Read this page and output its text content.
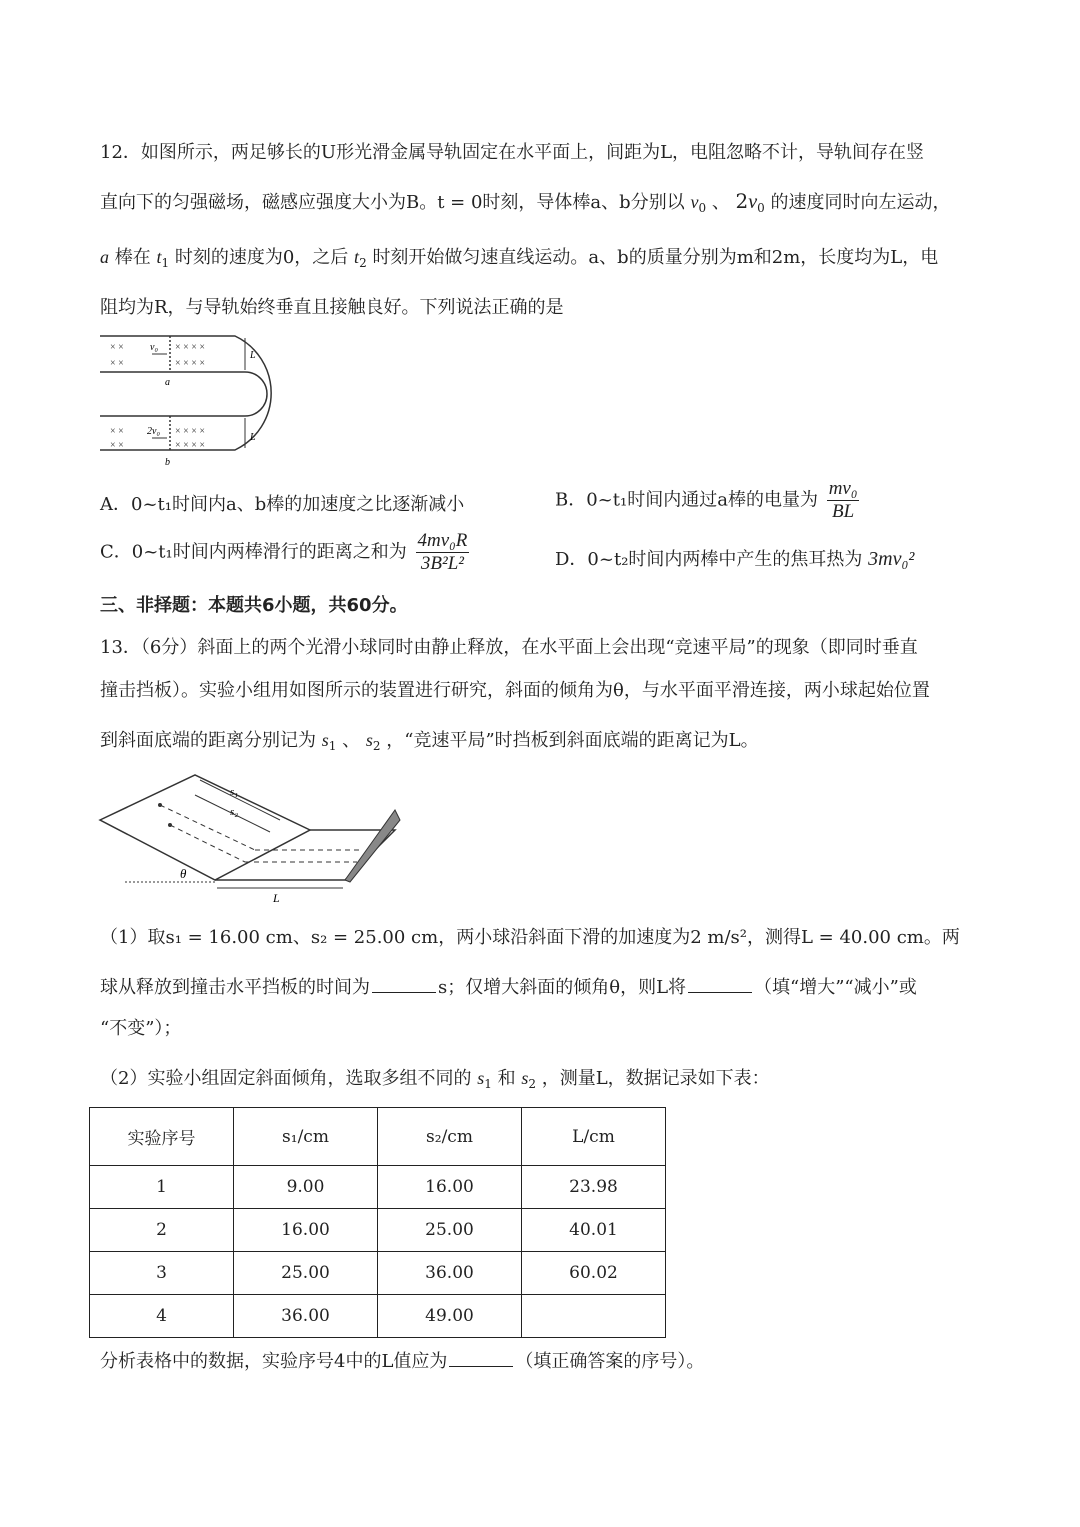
12．如图所示，两足够长的U形光滑金属导轨固定在水平面上，间距为L，电阻忽略不计，导轨间存在竖
直向下的匀强磁场，磁感应强度大小为B。t = 0时刻，导体棒a、b分别以 $v_0$ 、 $2v_0$ 的速度同时向左运动，
a 棒在 $t_1$ 时刻的速度为0，之后 $t_2$ 时刻开始做匀速直线运动。a、b的质量分别为m和2m，长度均为L，电
阻均为R，与导轨始终垂直且接触良好。下列说法正确的是
× ×
× ×
× × × ×
× × × ×
× ×
× ×
× × × ×
× × × ×
v₀
a
2v₀
b
L
L
A．0~t₁时间内a、b棒的加速度之比逐渐减小	B．0~t₁时间内通过a棒的电量为 $\frac{\text{mv₀}}{BL}$
C．0~t₁时间内两棒滑行的距离之和为 $\frac{\text{4mv₀R}}{\text{3B²L²}}$	D．0~t₂时间内两棒中产生的焦耳热为 3mv₀²
三、非择题：本题共6小题，共60分。
13．（6分）斜面上的两个光滑小球同时由静止释放，在水平面上会出现“竞速平局”的现象（即同时垂直
撞击挡板）。实验小组用如图所示的装置进行研究，斜面的倾角为θ，与水平面平滑连接，两小球起始位置
到斜面底端的距离分别记为 $s_1$ 、 $s_2$ ，“竞速平局”时挡板到斜面底端的距离记为L。
s₁
s₂
θ
L
（1）取s₁ = 16.00 cm、s₂ = 25.00 cm，两小球沿斜面下滑的加速度为2 m/s²，测得L = 40.00 cm。两
球从释放到撞击水平挡板的时间为	s；仅增大斜面的倾角θ，则L将	（填“增大”“减小”或
“不变”）；
（2）实验小组固定斜面倾角，选取多组不同的 $s_1$ 和 $s_2$ ，测量L，数据记录如下表：
实验序号	s₁/cm	s₂/cm	L/cm
1	9.00	16.00	23.98
2	16.00	25.00	40.01
3	25.00	36.00	60.02
4	36.00	49.00	
分析表格中的数据，实验序号4中的L值应为	（填正确答案的序号）。
